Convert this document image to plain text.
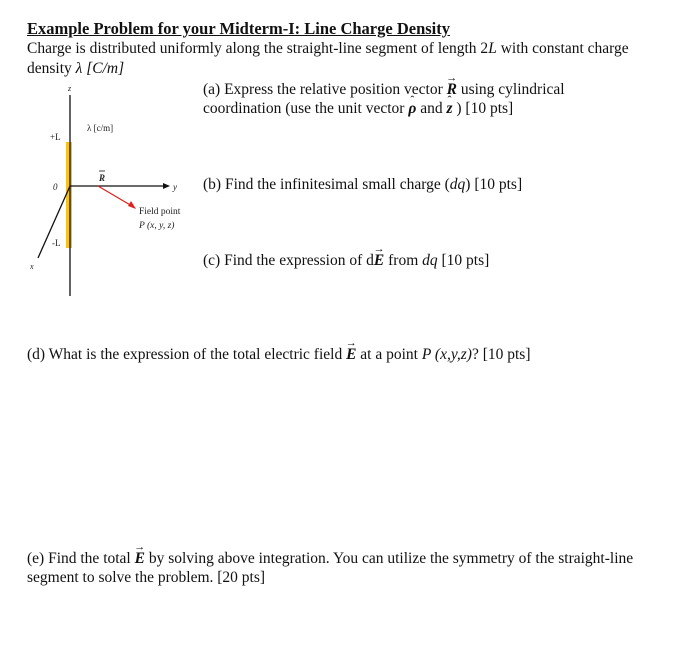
Example Problem for your Midterm-I: Line Charge Density
Charge is distributed uniformly along the straight-line segment of length 2L with constant charge density λ [C/m]
z
+L
0
-L
x
y
λ [c/m]
R
Field point
P (x, y, z)
(a) Express the relative position vector → R using cylindrical coordination (use the unit vector ˆ ρ and ˆ z ) [10 pts]
(b) Find the infinitesimal small charge (dq) [10 pts]
(c) Find the expression of d→ E from dq [10 pts]
(d) What is the expression of the total electric field → E at a point P (x,y,z)? [10 pts]
(e) Find the total → E by solving above integration. You can utilize the symmetry of the straight-line segment to solve the problem. [20 pts]
